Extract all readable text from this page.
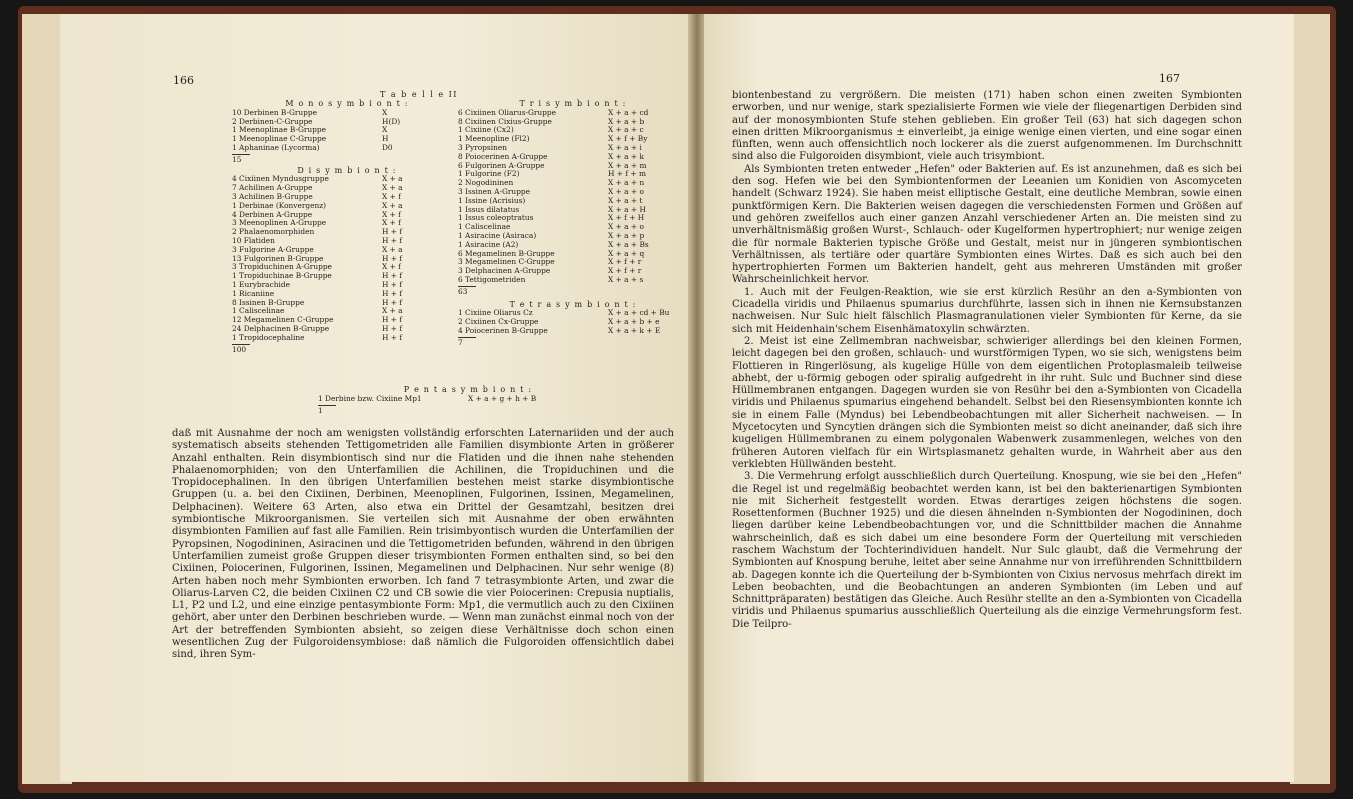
166
T a b e l l e II
M o n o s y m b i o n t :
10 Derbinen B-Gruppe	X
2 Derbinen-C-Gruppe	H(D)
1 Meenoplinae B-Gruppe	X
1 Meenoplinae C-Gruppe	H
1 Aphaninae (Lycorma)	D0
15
D i s y m b i o n t :
4 Cixiinen Myndusgruppe	X + a
7 Achilinen A-Gruppe	X + a
3 Achilinen B-Gruppe	X + f
1 Derbinae (Konvergenz)	X + a
4 Derbinen A-Gruppe	X + f
3 Meenoplinen A-Gruppe	X + f
2 Phalaenomorphiden	H + f
10 Flatiden	H + f
3 Fulgorine A-Gruppe	X + a
13 Fulgorinen B-Gruppe	H + f
3 Tropiduchinen A-Gruppe	X + f
1 Tropiduchinae B-Gruppe	H + f
1 Eurybrachide	H + f
1 Ricaniine	H + f
8 Issinen B-Gruppe	H + f
1 Caliscelinae	X + a
12 Megamelinen C-Gruppe	H + f
24 Delphacinen B-Gruppe	H + f
1 Tropidocephaline	H + f
100
T r i s y m b i o n t :
6 Cixiinen Oliarus-Gruppe	X + a + cd
8 Cixiinen Cixius-Gruppe	X + a + b
1 Cixiine (Cx2)	X + a + c
1 Meenopline (Fl2)	X + f + By
3 Pyropsinen	X + a + i
8 Poiocerinen A-Gruppe	X + a + k
6 Fulgorinen A-Gruppe	X + a + m
1 Fulgorine (F2)	H + f + m
2 Nogodininen	X + a + n
3 Issinen A-Gruppe	X + a + o
1 Issine (Acrisius)	X + a + t
1 Issus dilatatus	X + a + H
1 Issus coleoptratus	X + f + H
1 Caliscelinae	X + a + o
1 Asiracine (Asiraca)	X + a + p
1 Asiracine (A2)	X + a + Bs
6 Megamelinen B-Gruppe	X + a + q
3 Megamelinen C-Gruppe	X + f + r
3 Delphacinen A-Gruppe	X + f + r
6 Tettigometriden	X + a + s
63
T e t r a s y m b i o n t :
1 Cixiine Oliarus Cz	X + a + cd + Bu
2 Cixiinen Cx-Gruppe	X + a + b + e
4 Poiocerinen B-Gruppe	X + a + k + E
7
P e n t a s y m b i o n t :
1 Derbine bzw. Cixiine Mp1	X + a + g + h + B
1

daß mit Ausnahme der noch am wenigsten vollständig erforschten Laternariiden und der auch systematisch abseits stehenden Tettigometriden alle Familien disymbionte Arten in größerer Anzahl enthalten. Rein disymbiontisch sind nur die Flatiden und die ihnen nahe stehenden Phalaenomorphiden; von den Unterfamilien die Achilinen, die Tropiduchinen und die Tropidocephalinen. In den übrigen Unterfamilien bestehen meist starke disymbiontische Gruppen (u. a. bei den Cixiinen, Derbinen, Meenoplinen, Fulgorinen, Issinen, Megamelinen, Delphacinen). Weitere 63 Arten, also etwa ein Drittel der Gesamtzahl, besitzen drei symbiontische Mikroorganismen. Sie verteilen sich mit Ausnahme der oben erwähnten disymbionten Familien auf fast alle Familien. Rein trisimbyontisch wurden die Unterfamilien der Pyropsinen, Nogodininen, Asiracinen und die Tettigometriden befunden, während in den übrigen Unterfamilien zumeist große Gruppen dieser trisymbionten Formen enthalten sind, so bei den Cixiinen, Poiocerinen, Fulgorinen, Issinen, Megamelinen und Delphacinen. Nur sehr wenige (8) Arten haben noch mehr Symbionten erworben. Ich fand 7 tetrasymbionte Arten, und zwar die Oliarus-Larven C2, die beiden Cixiinen C2 und CB sowie die vier Poiocerinen: Crepusia nuptialis, L1, P2 und L2, und eine einzige pentasymbionte Form: Mp1, die vermutlich auch zu den Cixiinen gehört, aber unter den Derbinen beschrieben wurde. — Wenn man zunächst einmal noch von der Art der betreffenden Symbionten absieht, so zeigen diese Verhältnisse doch schon einen wesentlichen Zug der Fulgoroidensymbiose: daß nämlich die Fulgoroiden offensichtlich dabei sind, ihren Sym-

167

biontenbestand zu vergrößern. Die meisten (171) haben schon einen zweiten Symbionten erworben, und nur wenige, stark spezialisierte Formen wie viele der fliegenartigen Derbiden sind auf der monosymbionten Stufe stehen geblieben. Ein großer Teil (63) hat sich dagegen schon einen dritten Mikroorganismus ± einverleibt, ja einige wenige einen vierten, und eine sogar einen fünften, wenn auch offensichtlich noch lockerer als die zuerst aufgenommenen. Im Durchschnitt sind also die Fulgoroiden disymbiont, viele auch trisymbiont.

Als Symbionten treten entweder „Hefen" oder Bakterien auf. Es ist anzunehmen, daß es sich bei den sog. Hefen wie bei den Symbiontenformen der Leeanien um Konidien von Ascomyceten handelt (Schwarz 1924). Sie haben meist elliptische Gestalt, eine deutliche Membran, sowie einen punktförmigen Kern. Die Bakterien weisen dagegen die verschiedensten Formen und Größen auf und gehören zweifellos auch einer ganzen Anzahl verschiedener Arten an. Die meisten sind zu unverhältnismäßig großen Wurst-, Schlauch- oder Kugelformen hypertrophiert; nur wenige zeigen die für normale Bakterien typische Größe und Gestalt, meist nur in jüngeren symbiontischen Verhältnissen, als tertiäre oder quartäre Symbionten eines Wirtes. Daß es sich auch bei den hypertrophierten Formen um Bakterien handelt, geht aus mehreren Umständen mit großer Wahrscheinlichkeit hervor.

1. Auch mit der Feulgen-Reaktion, wie sie erst kürzlich Resühr an den a-Symbionten von Cicadella viridis und Philaenus spumarius durchführte, lassen sich in ihnen nie Kernsubstanzen nachweisen. Nur Sulc hielt fälschlich Plasmagranulationen vieler Symbionten für Kerne, da sie sich mit Heidenhain'schem Eisenhämatoxylin schwärzten.

2. Meist ist eine Zellmembran nachweisbar, schwieriger allerdings bei den kleinen Formen, leicht dagegen bei den großen, schlauch- und wurstförmigen Typen, wo sie sich, wenigstens beim Flottieren in Ringerlösung, als kugelige Hülle von dem eigentlichen Protoplasmaleib teilweise abhebt, der u-förmig gebogen oder spiralig aufgedreht in ihr ruht. Sulc und Buchner sind diese Hüllmembranen entgangen. Dagegen wurden sie von Resühr bei den a-Symbionten von Cicadella viridis und Philaenus spumarius eingehend behandelt. Selbst bei den Riesensymbionten konnte ich sie in einem Falle (Myndus) bei Lebendbeobachtungen mit aller Sicherheit nachweisen. — In Mycetocyten und Syncytien drängen sich die Symbionten meist so dicht aneinander, daß sich ihre kugeligen Hüllmembranen zu einem polygonalen Wabenwerk zusammenlegen, welches von den früheren Autoren vielfach für ein Wirtsplasmanetz gehalten wurde, in Wahrheit aber aus den verklebten Hüllwänden besteht.

3. Die Vermehrung erfolgt ausschließlich durch Querteilung. Knospung, wie sie bei den „Hefen" die Regel ist und regelmäßig beobachtet werden kann, ist bei den bakterienartigen Symbionten nie mit Sicherheit festgestellt worden. Etwas derartiges zeigen höchstens die sogen. Rosettenformen (Buchner 1925) und die diesen ähnelnden n-Symbionten der Nogodininen, doch liegen darüber keine Lebendbeobachtungen vor, und die Schnittbilder machen die Annahme wahrscheinlich, daß es sich dabei um eine besondere Form der Querteilung mit verschieden raschem Wachstum der Tochterindividuen handelt. Nur Sulc glaubt, daß die Vermehrung der Symbionten auf Knospung beruhe, leitet aber seine Annahme nur von irreführenden Schnittbildern ab. Dagegen konnte ich die Querteilung der b-Symbionten von Cixius nervosus mehrfach direkt im Leben beobachten, und die Beobachtungen an anderen Symbionten (im Leben und auf Schnittpräparaten) bestätigen das Gleiche. Auch Resühr stellte an den a-Symbionten von Cicadella viridis und Philaenus spumarius ausschließlich Querteilung als die einzige Vermehrungsform fest. Die Teilpro-
